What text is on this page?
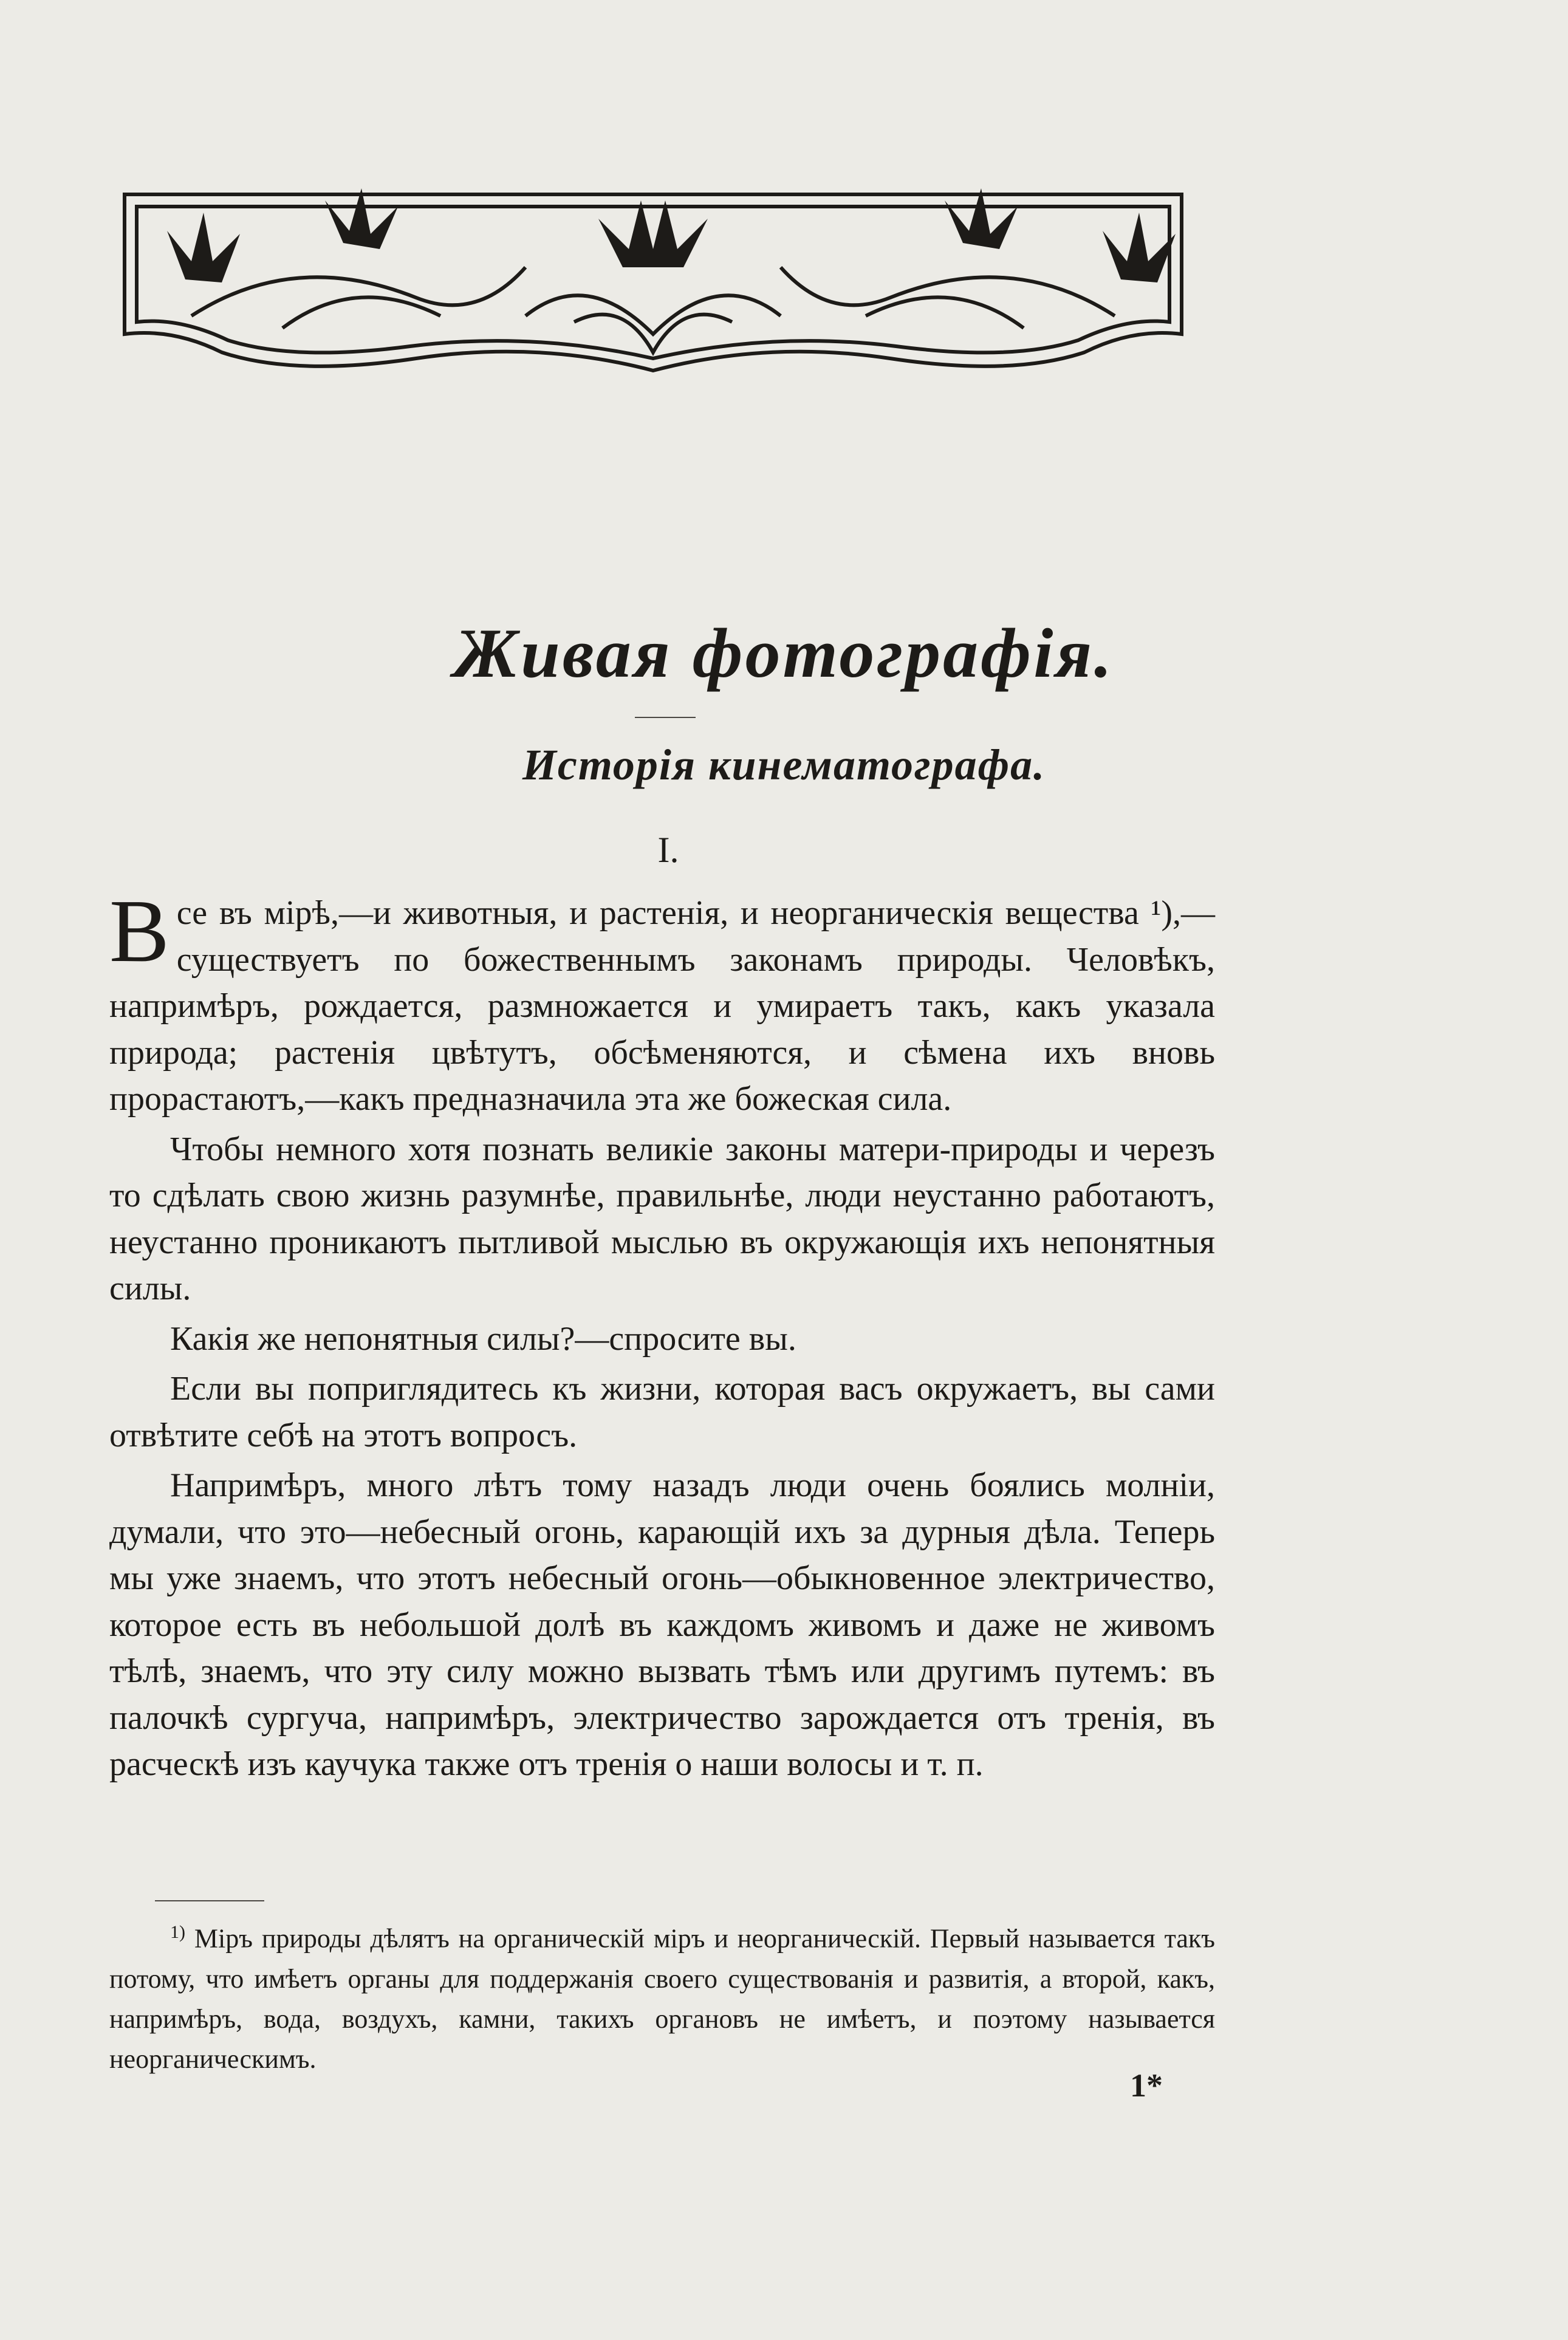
Живая фотографія.
Исторія кинематографа.
I.

Все въ мірѣ,—и животныя, и растенія, и неорганическія вещества ¹),—существуетъ по божественнымъ законамъ природы. Человѣкъ, напримѣръ, рождается, размножается и умираетъ такъ, какъ указала природа; растенія цвѣтутъ, обсѣменяются, и сѣмена ихъ вновь прорастаютъ,—какъ предназначила эта же божеская сила.

Чтобы немного хотя познать великіе законы матери-природы и черезъ то сдѣлать свою жизнь разумнѣе, правильнѣе, люди неустанно работаютъ, неустанно проникаютъ пытливой мыслью въ окружающія ихъ непонятныя силы.

Какія же непонятныя силы?—спросите вы.

Если вы поприглядитесь къ жизни, которая васъ окружаетъ, вы сами отвѣтите себѣ на этотъ вопросъ.

Напримѣръ, много лѣтъ тому назадъ люди очень боялись молніи, думали, что это—небесный огонь, карающій ихъ за дурныя дѣла. Теперь мы уже знаемъ, что этотъ небесный огонь—обыкновенное электричество, которое есть въ небольшой долѣ въ каждомъ живомъ и даже не живомъ тѣлѣ, знаемъ, что эту силу можно вызвать тѣмъ или другимъ путемъ: въ палочкѣ сургуча, напримѣръ, электричество зарождается отъ тренія, въ расческѣ изъ каучука также отъ тренія о наши волосы и т. п.

$^{1)}$ Міръ природы дѣлятъ на органическій міръ и неорганическій. Первый называется такъ потому, что имѣетъ органы для поддержанія своего существованія и развитія, а второй, какъ, напримѣръ, вода, воздухъ, камни, такихъ органовъ не имѣетъ, и поэтому называется неорганическимъ.
1*
